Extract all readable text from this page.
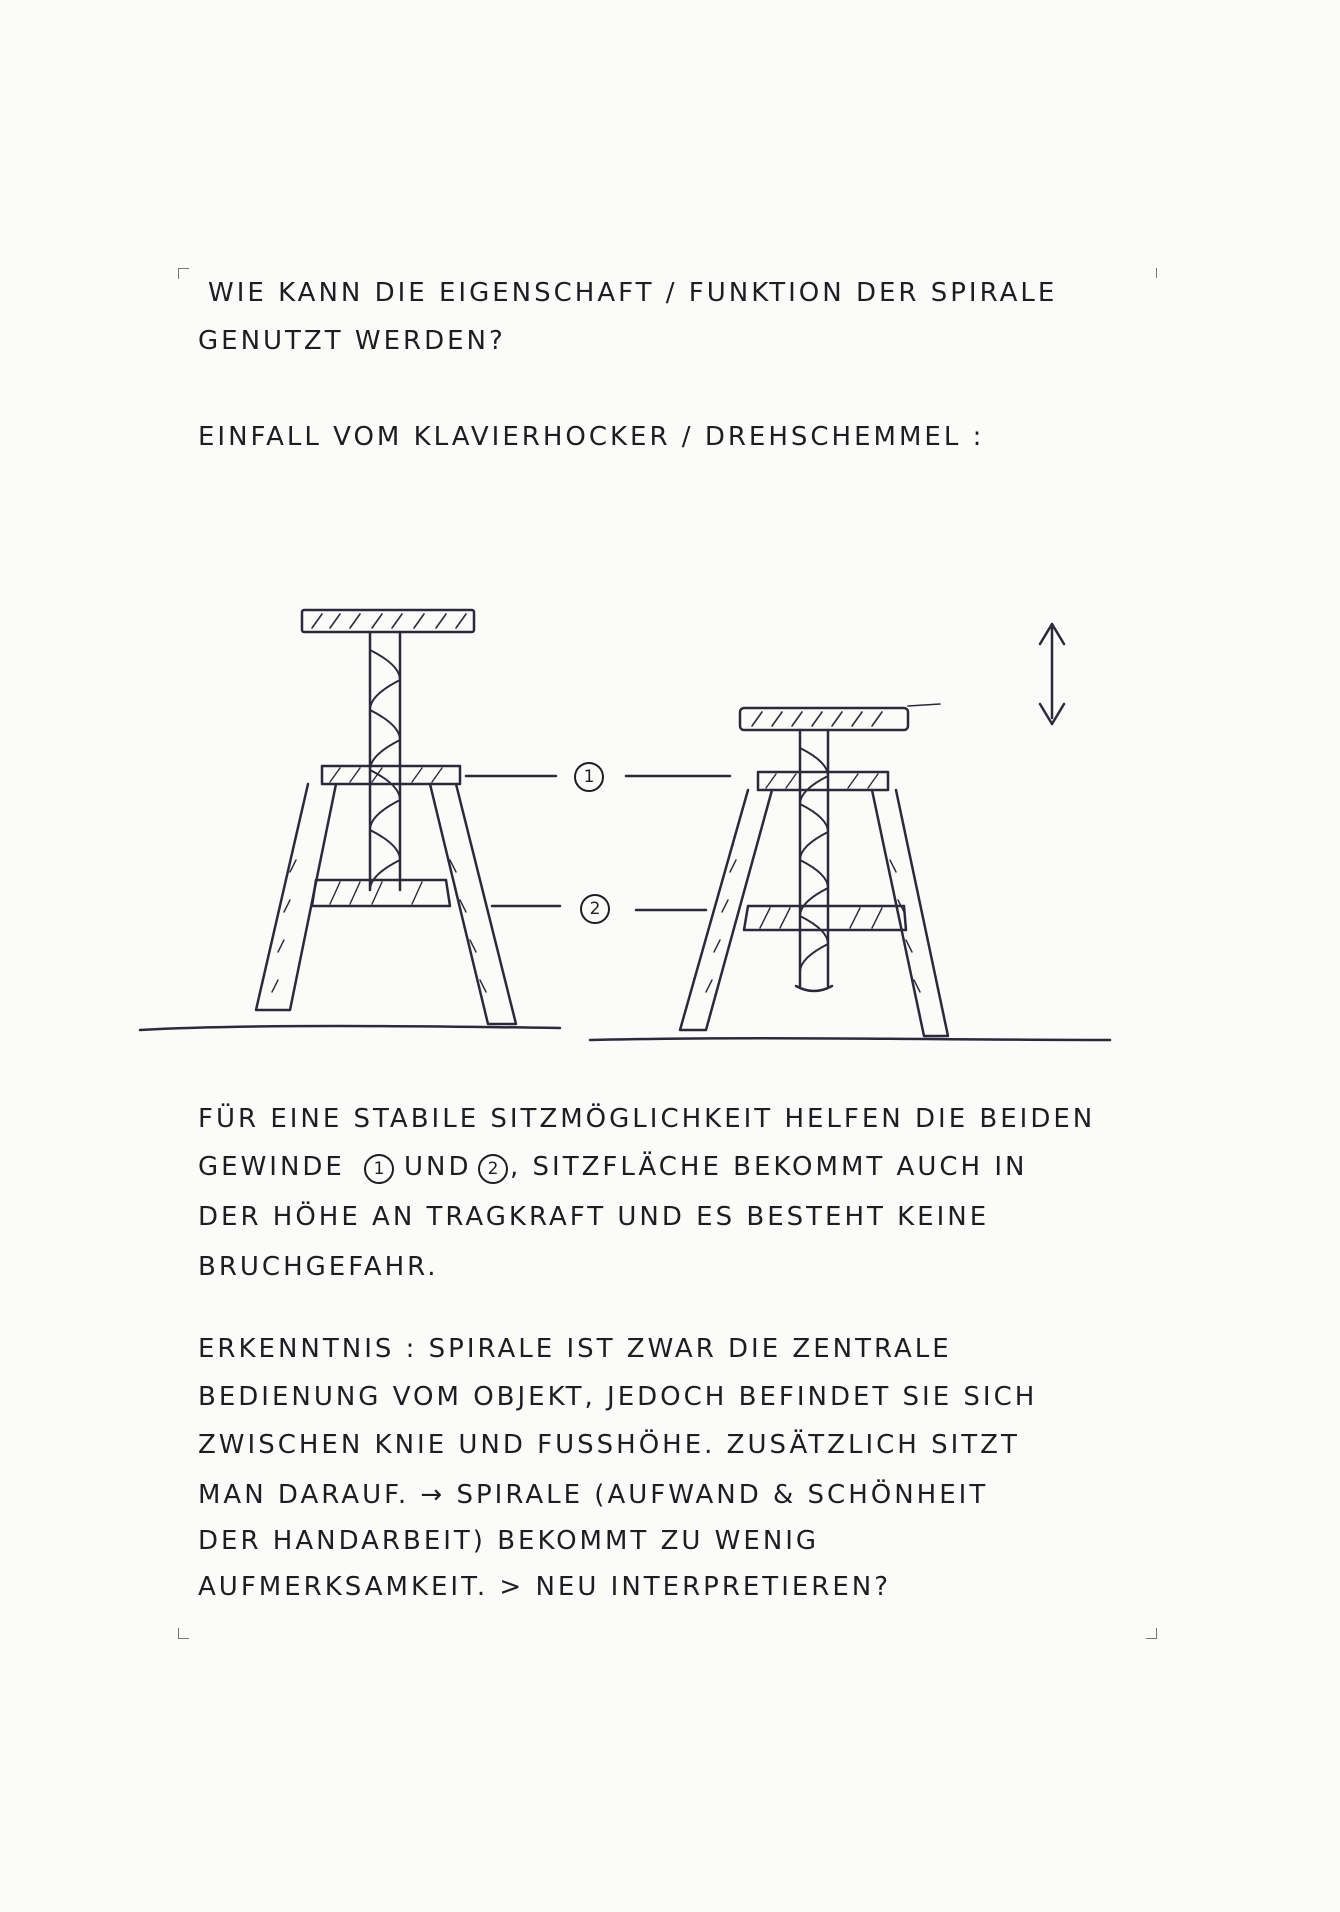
WIE KANN DIE EIGENSCHAFT / FUNKTION DER SPIRALE

GENUTZT WERDEN?

EINFALL VOM KLAVIERHOCKER / DREHSCHEMMEL :

1
2

FÜR EINE STABILE SITZMÖGLICHKEIT HELFEN DIE BEIDEN

GEWINDE	1 UND 2 , SITZFLÄCHE BEKOMMT AUCH IN

DER HÖHE AN TRAGKRAFT UND ES BESTEHT KEINE

BRUCHGEFAHR.

ERKENNTNIS : SPIRALE IST ZWAR DIE ZENTRALE

BEDIENUNG VOM OBJEKT, JEDOCH BEFINDET SIE SICH

ZWISCHEN KNIE UND FUSSHÖHE. ZUSÄTZLICH SITZT

MAN DARAUF. → SPIRALE (AUFWAND & SCHÖNHEIT

DER HANDARBEIT) BEKOMMT ZU WENIG

AUFMERKSAMKEIT. > NEU INTERPRETIEREN?
